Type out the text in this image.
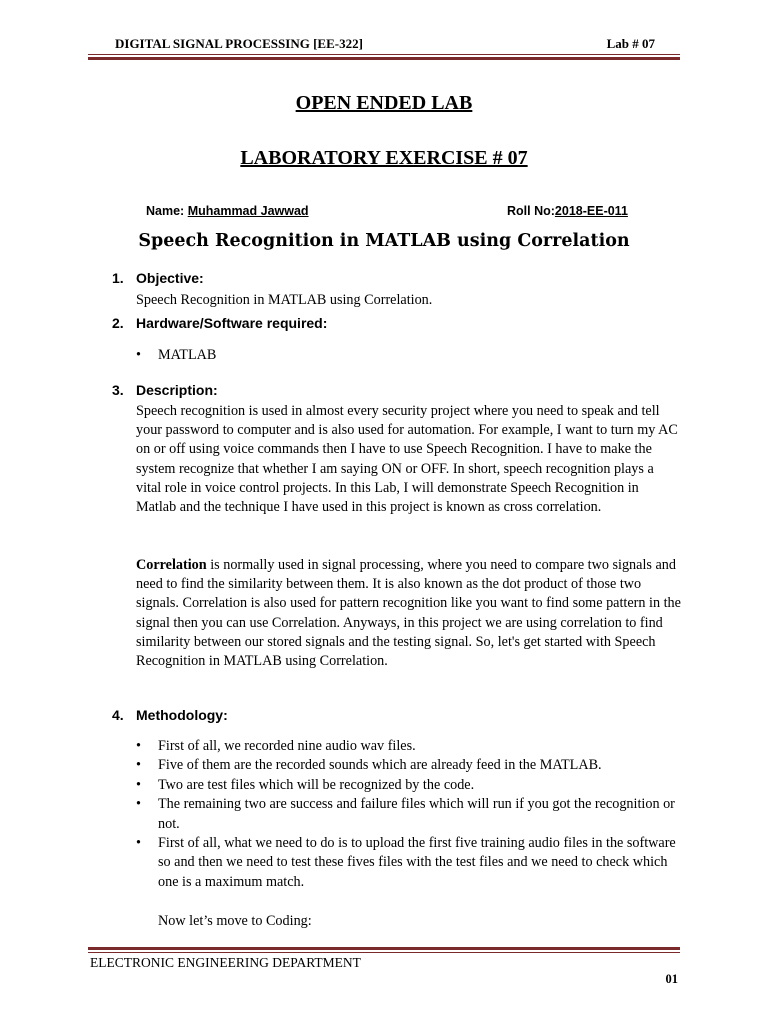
DIGITAL SIGNAL PROCESSING [EE-322]	Lab # 07
OPEN ENDED LAB
LABORATORY EXERCISE # 07
Name: Muhammad Jawwad	Roll No:2018-EE-011
Speech Recognition in MATLAB using Correlation
1. Objective:
Speech Recognition in MATLAB using Correlation.
2. Hardware/Software required:
• MATLAB
3. Description:
Speech recognition is used in almost every security project where you need to speak and tell your password to computer and is also used for automation. For example, I want to turn my AC on or off using voice commands then I have to use Speech Recognition. I have to make the system recognize that whether I am saying ON or OFF. In short, speech recognition plays a vital role in voice control projects. In this Lab, I will demonstrate Speech Recognition in Matlab and the technique I have used in this project is known as cross correlation.
Correlation is normally used in signal processing, where you need to compare two signals and need to find the similarity between them. It is also known as the dot product of those two signals. Correlation is also used for pattern recognition like you want to find some pattern in the signal then you can use Correlation. Anyways, in this project we are using correlation to find similarity between our stored signals and the testing signal. So, let's get started with Speech Recognition in MATLAB using Correlation.
4. Methodology:
• First of all, we recorded nine audio wav files.
• Five of them are the recorded sounds which are already feed in the MATLAB.
• Two are test files which will be recognized by the code.
• The remaining two are success and failure files which will run if you got the recognition or not.
• First of all, what we need to do is to upload the first five training audio files in the software so and then we need to test these fives files with the test files and we need to check which one is a maximum match.
Now let’s move to Coding:
ELECTRONIC ENGINEERING DEPARTMENT
01
